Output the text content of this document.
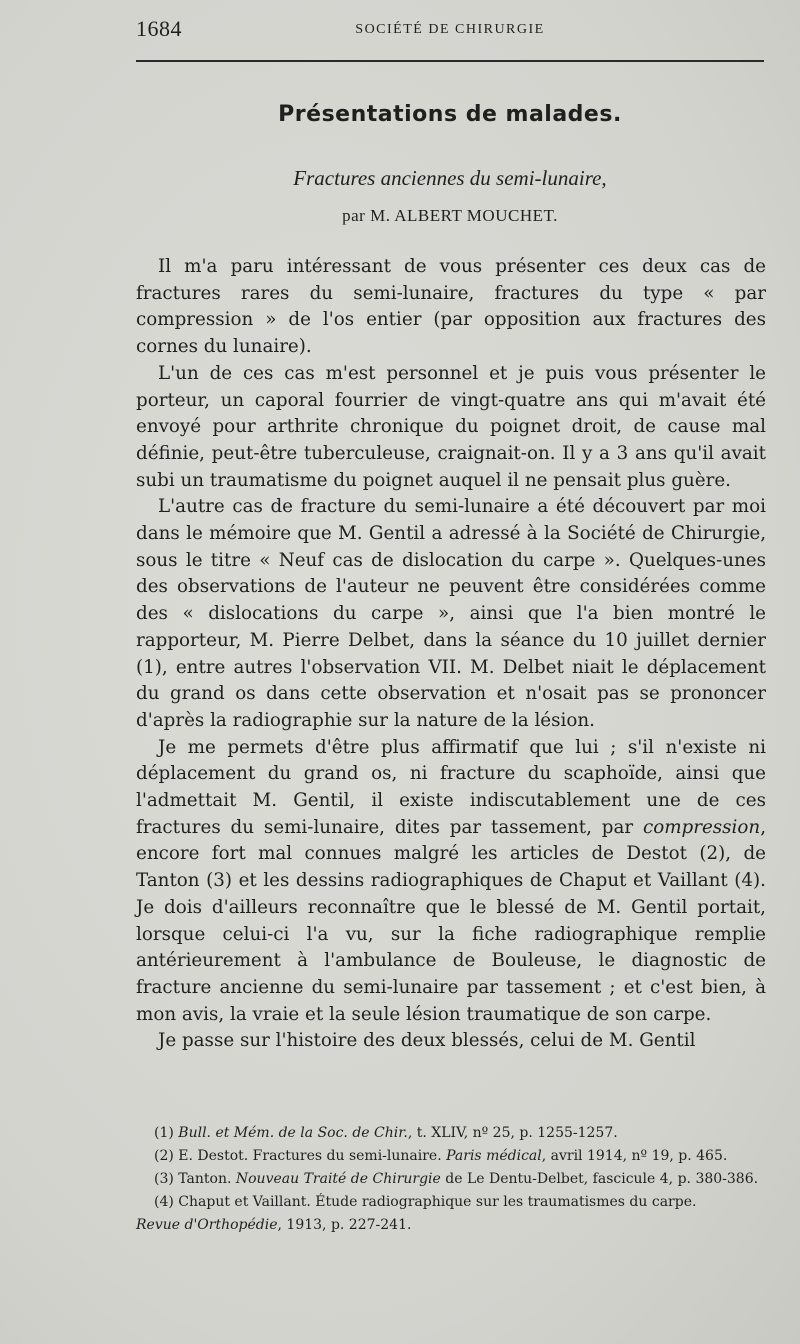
1684	SOCIÉTÉ DE CHIRURGIE
Présentations de malades.
Fractures anciennes du semi-lunaire,
par M. ALBERT MOUCHET.

Il m'a paru intéressant de vous présenter ces deux cas de fractures rares du semi-lunaire, fractures du type « par compression » de l'os entier (par opposition aux fractures des cornes du lunaire).

L'un de ces cas m'est personnel et je puis vous présenter le porteur, un caporal fourrier de vingt-quatre ans qui m'avait été envoyé pour arthrite chronique du poignet droit, de cause mal définie, peut-être tuberculeuse, craignait-on. Il y a 3 ans qu'il avait subi un traumatisme du poignet auquel il ne pensait plus guère.

L'autre cas de fracture du semi-lunaire a été découvert par moi dans le mémoire que M. Gentil a adressé à la Société de Chirurgie, sous le titre « Neuf cas de dislocation du carpe ». Quelques-unes des observations de l'auteur ne peuvent être considérées comme des « dislocations du carpe », ainsi que l'a bien montré le rapporteur, M. Pierre Delbet, dans la séance du 10 juillet dernier (1), entre autres l'observation VII. M. Delbet niait le déplacement du grand os dans cette observation et n'osait pas se prononcer d'après la radiographie sur la nature de la lésion.

Je me permets d'être plus affirmatif que lui ; s'il n'existe ni déplacement du grand os, ni fracture du scaphoïde, ainsi que l'admettait M. Gentil, il existe indiscutablement une de ces fractures du semi-lunaire, dites par tassement, par compression, encore fort mal connues malgré les articles de Destot (2), de Tanton (3) et les dessins radiographiques de Chaput et Vaillant (4). Je dois d'ailleurs reconnaître que le blessé de M. Gentil portait, lorsque celui-ci l'a vu, sur la fiche radiographique remplie antérieurement à l'ambulance de Bouleuse, le diagnostic de fracture ancienne du semi-lunaire par tassement ; et c'est bien, à mon avis, la vraie et la seule lésion traumatique de son carpe.

Je passe sur l'histoire des deux blessés, celui de M. Gentil

(1) Bull. et Mém. de la Soc. de Chir., t. XLIV, nº 25, p. 1255-1257.

(2) E. Destot. Fractures du semi-lunaire. Paris médical, avril 1914, nº 19, p. 465.

(3) Tanton. Nouveau Traité de Chirurgie de Le Dentu-Delbet, fascicule 4, p. 380-386.

(4) Chaput et Vaillant. Étude radiographique sur les traumatismes du carpe.

Revue d'Orthopédie, 1913, p. 227-241.
